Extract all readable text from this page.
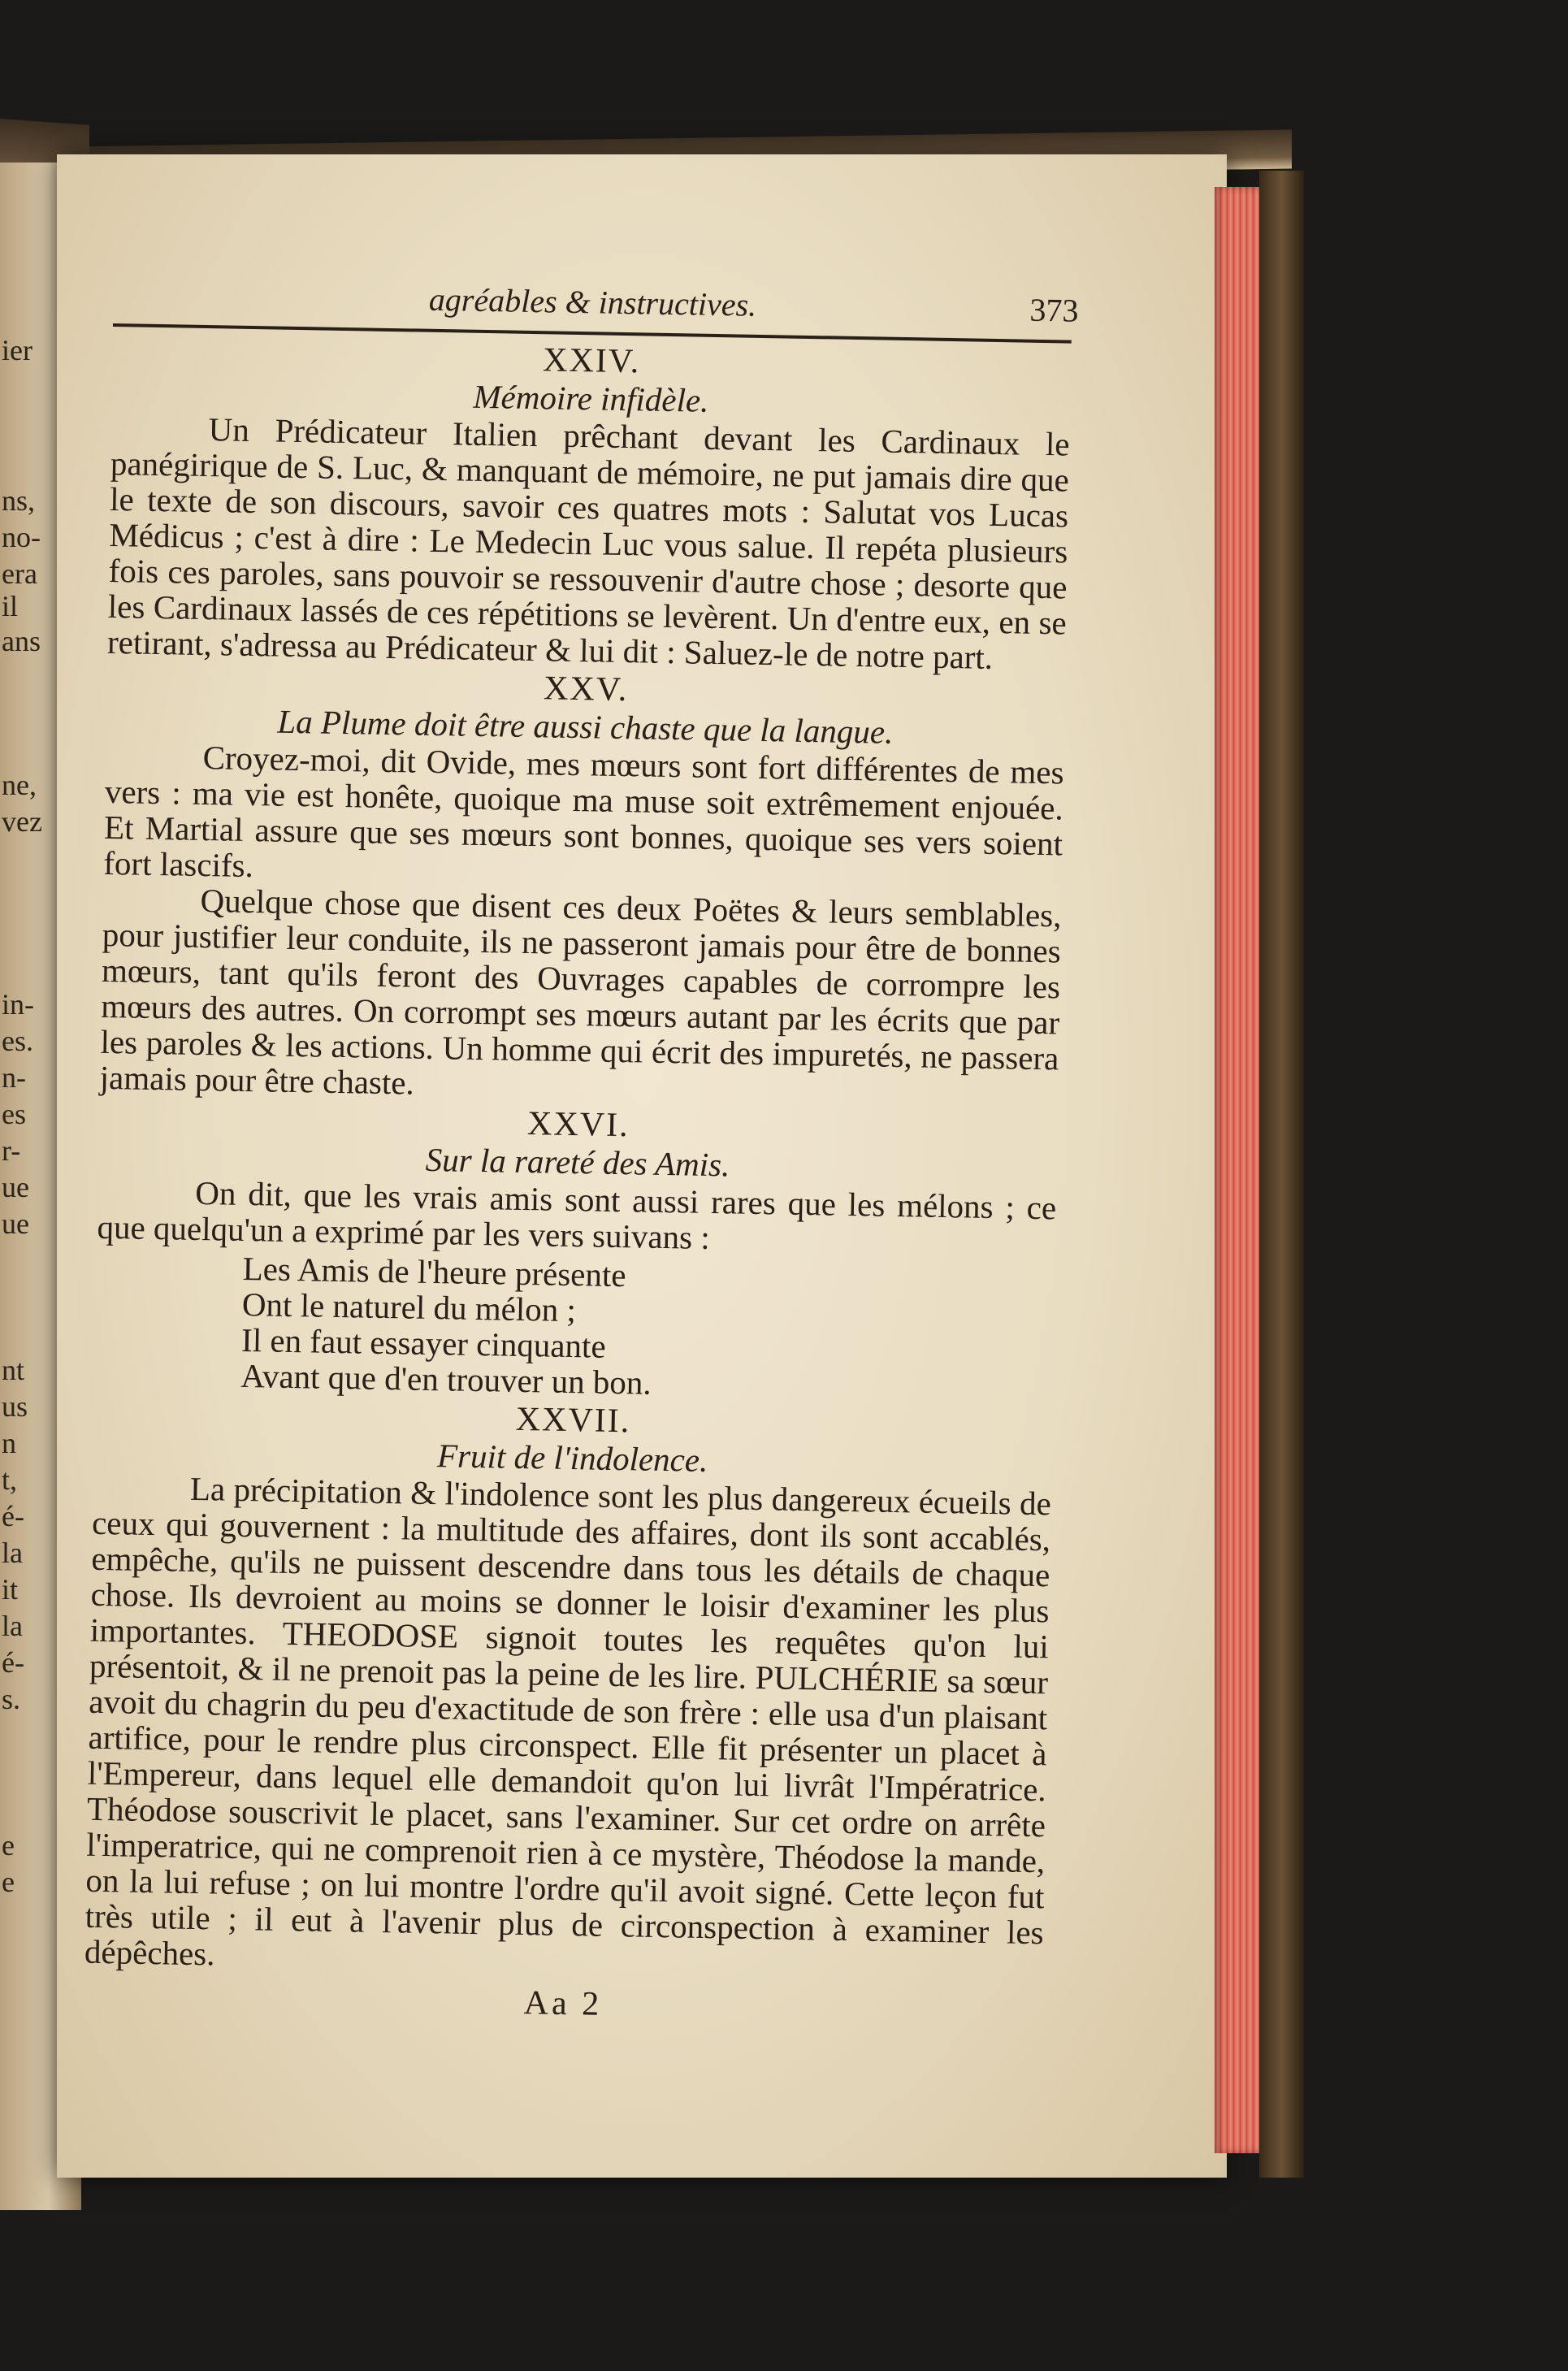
ier
ns,
no-
era
il
ans
ne,
vez
in-
es.
n-
es
r-
ue
ue
nt
us
n
t,
é-
la
it
la
é-
s.
e
e
agréables & instructives.	373
XXIV.
Mémoire infidèle.

Un Prédicateur Italien prêchant devant les Cardinaux le panégirique de S. Luc, & manquant de mémoire, ne put jamais dire que le texte de son discours, savoir ces quatres mots : Salutat vos Lucas Médicus ; c'est à dire : Le Medecin Luc vous salue. Il repéta plusieurs fois ces paroles, sans pouvoir se ressouvenir d'autre chose ; desorte que les Cardinaux lassés de ces répétitions se levèrent. Un d'entre eux, en se retirant, s'adressa au Prédicateur & lui dit : Saluez-le de notre part.

XXV.
La Plume doit être aussi chaste que la langue.

Croyez-moi, dit Ovide, mes mœurs sont fort différentes de mes vers : ma vie est honête, quoique ma muse soit extrêmement enjouée. Et Martial assure que ses mœurs sont bonnes, quoique ses vers soient fort lascifs.

Quelque chose que disent ces deux Poëtes & leurs semblables, pour justifier leur conduite, ils ne passeront jamais pour être de bonnes mœurs, tant qu'ils feront des Ouvrages capables de corrompre les mœurs des autres. On corrompt ses mœurs autant par les écrits que par les paroles & les actions. Un homme qui écrit des impuretés, ne passera jamais pour être chaste.

XXVI.
Sur la rareté des Amis.

On dit, que les vrais amis sont aussi rares que les mélons ; ce que quelqu'un a exprimé par les vers suivans :

Les Amis de l'heure présente
Ont le naturel du mélon ;
Il en faut essayer cinquante
Avant que d'en trouver un bon.
XXVII.
Fruit de l'indolence.

La précipitation & l'indolence sont les plus dangereux écueils de ceux qui gouvernent : la multitude des affaires, dont ils sont accablés, empêche, qu'ils ne puissent descendre dans tous les détails de chaque chose. Ils devroient au moins se donner le loisir d'examiner les plus importantes. THEODOSE signoit toutes les requêtes qu'on lui présentoit, & il ne prenoit pas la peine de les lire. PULCHÉRIE sa sœur avoit du chagrin du peu d'exactitude de son frère : elle usa d'un plaisant artifice, pour le rendre plus circonspect. Elle fit présenter un placet à l'Empereur, dans lequel elle demandoit qu'on lui livrât l'Impératrice. Théodose souscrivit le placet, sans l'examiner. Sur cet ordre on arrête l'imperatrice, qui ne comprenoit rien à ce mystère, Théodose la mande, on la lui refuse ; on lui montre l'ordre qu'il avoit signé. Cette leçon fut très utile ; il eut à l'avenir plus de circonspection à examiner les dépêches.

Aa 2
